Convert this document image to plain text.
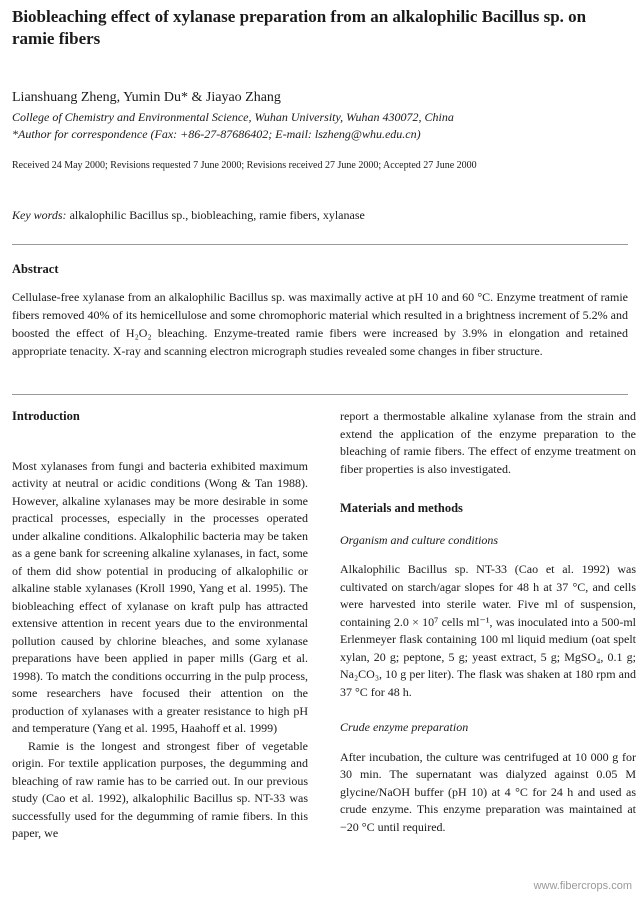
Biobleaching effect of xylanase preparation from an alkalophilic Bacillus sp. on ramie fibers

Lianshuang Zheng, Yumin Du* & Jiayao Zhang

College of Chemistry and Environmental Science, Wuhan University, Wuhan 430072, China

*Author for correspondence (Fax: +86-27-87686402; E-mail: lszheng@whu.edu.cn)

Received 24 May 2000; Revisions requested 7 June 2000; Revisions received 27 June 2000; Accepted 27 June 2000

Key words: alkalophilic Bacillus sp., biobleaching, ramie fibers, xylanase

Abstract

Cellulase-free xylanase from an alkalophilic Bacillus sp. was maximally active at pH 10 and 60 °C. Enzyme treatment of ramie fibers removed 40% of its hemicellulose and some chromophoric material which resulted in a brightness increment of 5.2% and boosted the effect of H₂O₂ bleaching. Enzyme-treated ramie fibers were increased by 3.9% in elongation and retained appropriate tenacity. X-ray and scanning electron micrograph studies revealed some changes in fiber structure.

Introduction

Most xylanases from fungi and bacteria exhibited maximum activity at neutral or acidic conditions (Wong & Tan 1988). However, alkaline xylanases may be more desirable in some practical processes, especially in the processes operated under alkaline conditions. Alkalophilic bacteria may be taken as a gene bank for screening alkaline xylanases, in fact, some of them did show potential in producing of alkalophilic or alkaline stable xylanases (Kroll 1990, Yang et al. 1995). The biobleaching effect of xylanase on kraft pulp has attracted extensive attention in recent years due to the environmental pollution caused by chlorine bleaches, and some xylanase preparations have been applied in paper mills (Garg et al. 1998). To match the conditions occurring in the pulp process, some researchers have focused their attention on the production of xylanases with a greater resistance to high pH and temperature (Yang et al. 1995, Haahoff et al. 1999)

Ramie is the longest and strongest fiber of vegetable origin. For textile application purposes, the degumming and bleaching of raw ramie has to be carried out. In our previous study (Cao et al. 1992), alkalophilic Bacillus sp. NT-33 was successfully used for the degumming of ramie fibers. In this paper, we

report a thermostable alkaline xylanase from the strain and extend the application of the enzyme preparation to the bleaching of ramie fibers. The effect of enzyme treatment on fiber properties is also investigated.

Materials and methods

Organism and culture conditions

Alkalophilic Bacillus sp. NT-33 (Cao et al. 1992) was cultivated on starch/agar slopes for 48 h at 37 °C, and cells were harvested into sterile water. Five ml of suspension, containing 2.0 × 10⁷ cells ml⁻¹, was inoculated into a 500-ml Erlenmeyer flask containing 100 ml liquid medium (oat spelt xylan, 20 g; peptone, 5 g; yeast extract, 5 g; MgSO₄, 0.1 g; Na₂CO₃, 10 g per liter). The flask was shaken at 180 rpm and 37 °C for 48 h.

Crude enzyme preparation

After incubation, the culture was centrifuged at 10 000 g for 30 min. The supernatant was dialyzed against 0.05 M glycine/NaOH buffer (pH 10) at 4 °C for 24 h and used as crude enzyme. This enzyme preparation was maintained at −20 °C until required.

www.fibercrops.com
